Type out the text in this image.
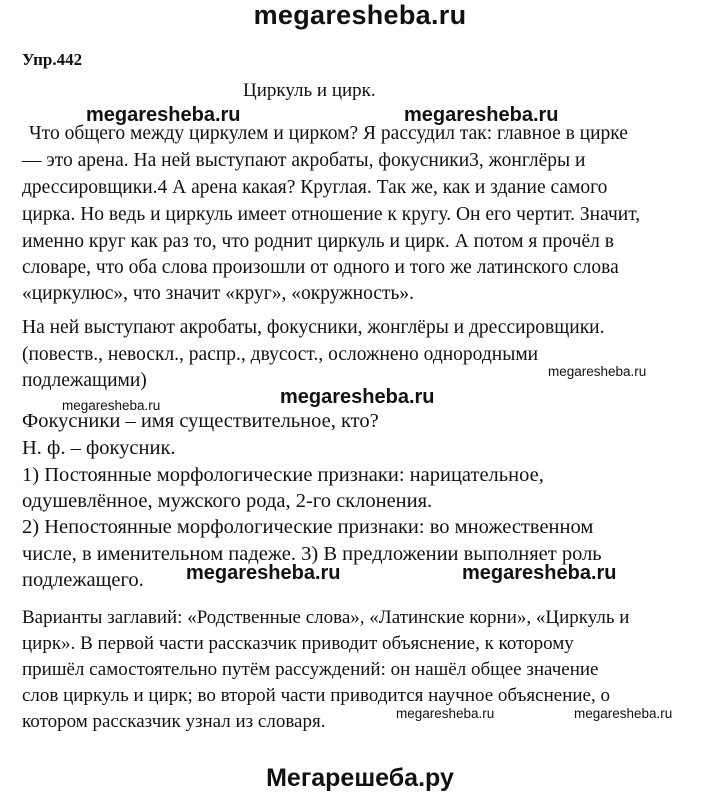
megaresheba.ru
Упр.442
Циркуль и цирк.
Что общего между циркулем и цирком? Я рассудил так: главное в цирке
— это арена. На ней выступают акробаты, фокусники3, жонглёры и
дрессировщики.4 А арена какая? Круглая. Так же, как и здание самого
цирка. Но ведь и циркуль имеет отношение к кругу. Он его чертит. Значит,
именно круг как раз то, что роднит циркуль и цирк. А потом я прочёл в
словаре, что оба слова произошли от одного и того же латинского слова
«циркулюс», что значит «круг», «окружность».
На ней выступают акробаты, фокусники, жонглёры и дрессировщики.
(повеств., невоскл., распр., двусост., осложнено однородными
подлежащими)
Фокусники – имя существительное, кто?
Н. ф. – фокусник.
1) Постоянные морфологические признаки: нарицательное,
одушевлённое, мужского рода, 2-го склонения.
2) Непостоянные морфологические признаки: во множественном
числе, в именительном падеже. 3) В предложении выполняет роль
подлежащего.
Варианты заглавий: «Родственные слова», «Латинские корни», «Циркуль и
цирк». В первой части рассказчик приводит объяснение, к которому
пришёл самостоятельно путём рассуждений: он нашёл общее значение
слов циркуль и цирк; во второй части приводится научное объяснение, о
котором рассказчик узнал из словаря.
megaresheba.ru	megaresheba.ru
megaresheba.ru
megaresheba.ru
megaresheba.ru
megaresheba.ru	megaresheba.ru
megaresheba.ru	megaresheba.ru
Мегарешеба.ру
